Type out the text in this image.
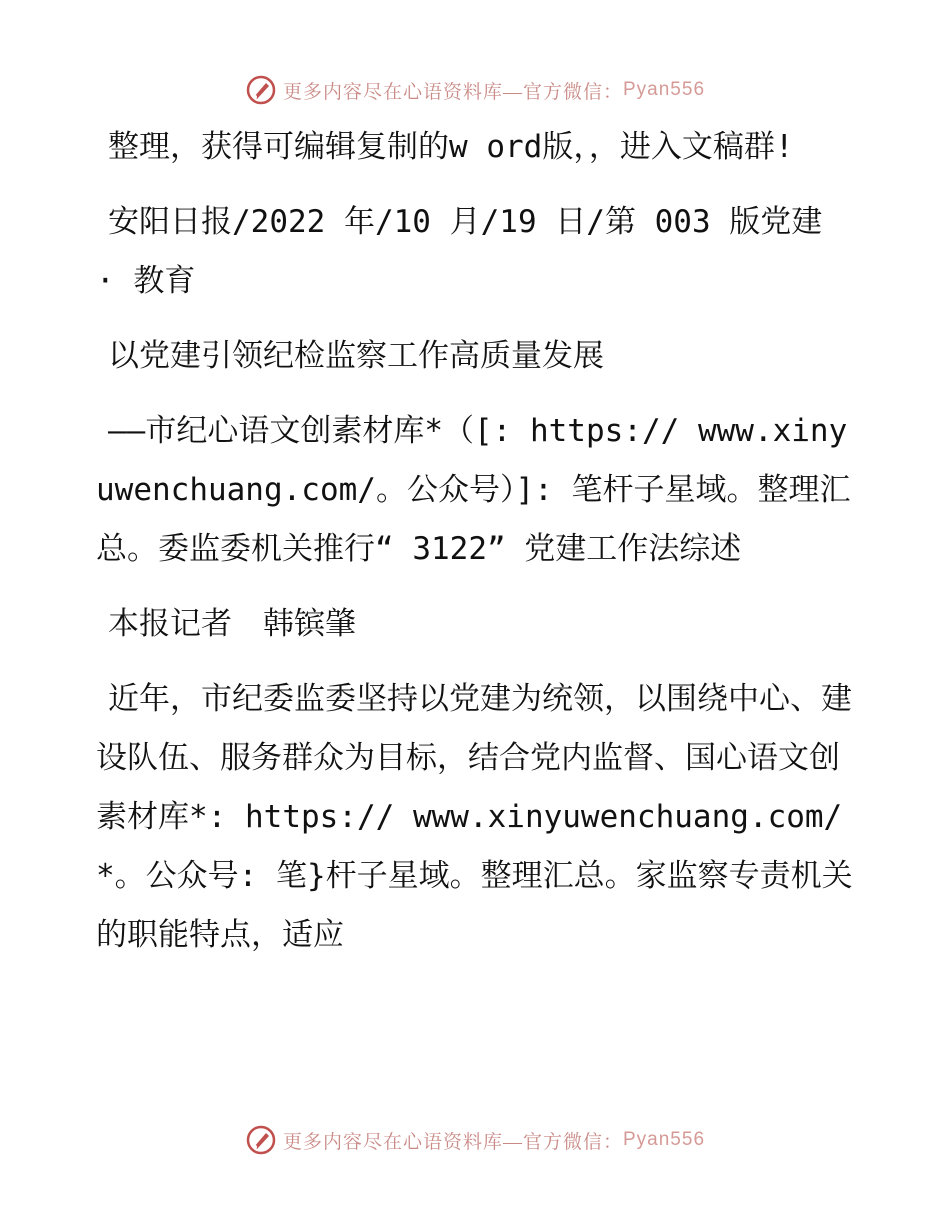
更多内容尽在心语资料库—官方微信： Pyan556

整理，获得可编辑复制的w ord版，，进入文稿群!

安阳日报/2022 年/10 月/19 日/第 003 版党建 · 教育

以党建引领纪检监察工作高质量发展

——市纪心语文创素材库*（[: https:// www.xinyuwenchuang.com/。公众号）]: 笔杆子星域。整理汇总。委监委机关推行“ 3122” 党建工作法综述

本报记者　韩镔肇

近年，市纪委监委坚持以党建为统领，以围绕中心、建设队伍、服务群众为目标，结合党内监督、国心语文创素材库*: https:// www.xinyuwenchuang.com/*。公众号: 笔}杆子星域。整理汇总。家监察专责机关的职能特点，适应

更多内容尽在心语资料库—官方微信： Pyan556
